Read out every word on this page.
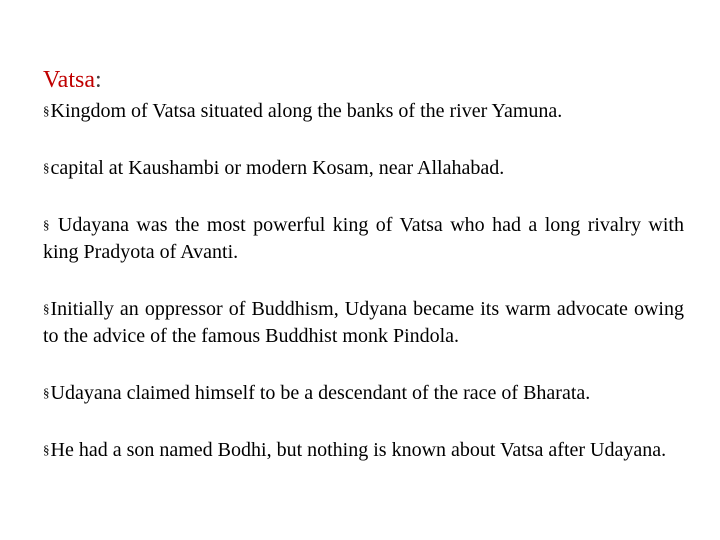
Vatsa:
§Kingdom of Vatsa situated along the banks of the river Yamuna.
§capital at Kaushambi or modern Kosam, near Allahabad.
§ Udayana was the most powerful king of Vatsa who had a long rivalry with king Pradyota of Avanti.
§Initially an oppressor of Buddhism, Udyana became its warm advocate owing to the advice of the famous Buddhist monk Pindola.
§Udayana claimed himself to be a descendant of the race of Bharata.
§He had a son named Bodhi, but nothing is known about Vatsa after Udayana.
